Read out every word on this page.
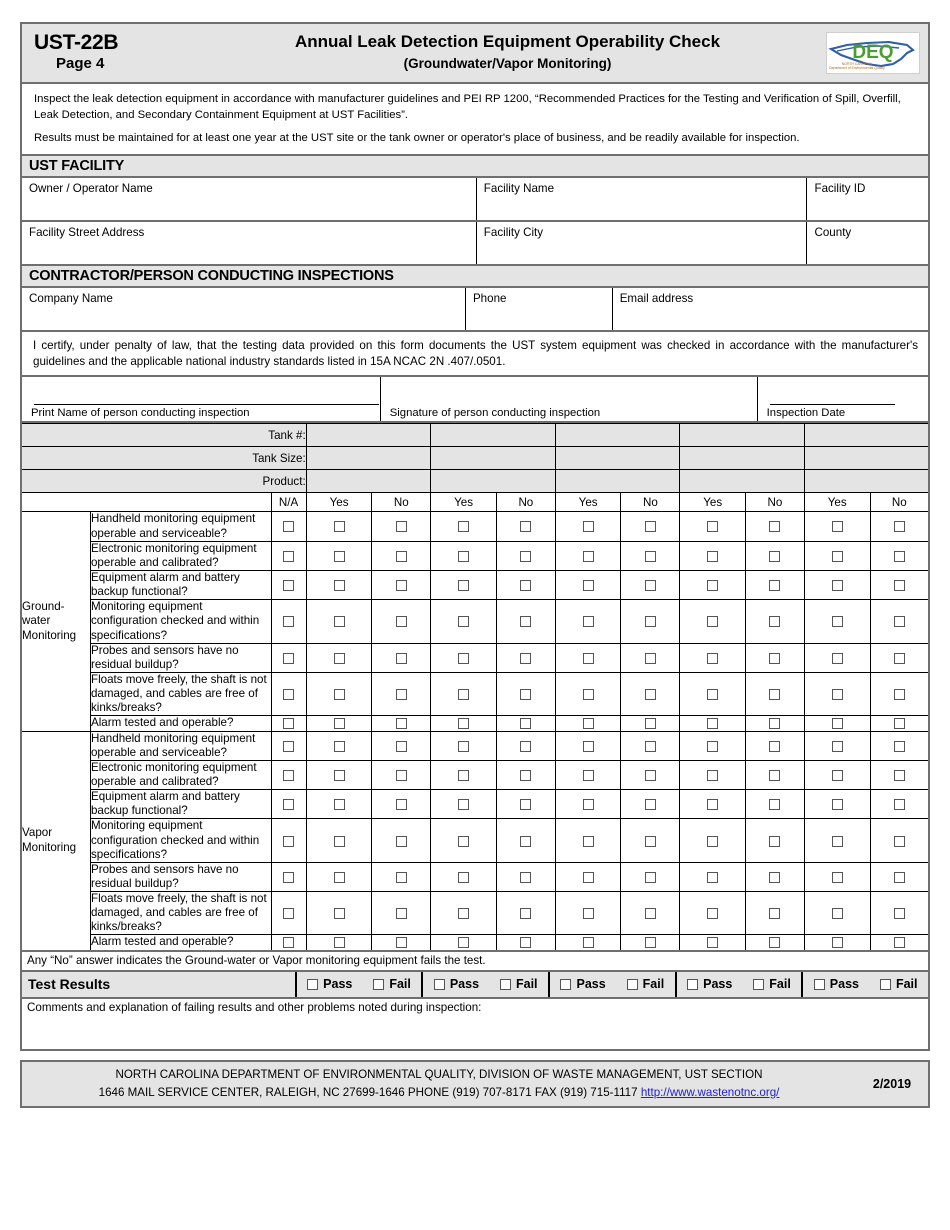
UST-22B
Page 4
Annual Leak Detection Equipment Operability Check
(Groundwater/Vapor Monitoring)
DEQ
NORTH CAROLINA
Department of Environmental Quality

Inspect the leak detection equipment in accordance with manufacturer guidelines and PEI RP 1200, “Recommended Practices for the Testing and Verification of Spill, Overfill, Leak Detection, and Secondary Containment Equipment at UST Facilities”.

Results must be maintained for at least one year at the UST site or the tank owner or operator's place of business, and be readily available for inspection.

UST FACILITY
Owner / Operator Name	Facility Name	Facility ID
Facility Street Address	Facility City	County
CONTRACTOR/PERSON CONDUCTING INSPECTIONS
Company Name	Phone	Email address
I certify, under penalty of law, that the testing data provided on this form documents the UST system equipment was checked in accordance with the manufacturer's guidelines and the applicable national industry standards listed in 15A NCAC 2N .407/.0501.
Print Name of person conducting inspection	Signature of person conducting inspection	Inspection Date
Tank #:												
Tank Size:												
Product:												
		N/A	Yes	No	Yes	No	Yes	No	Yes	No	Yes	No
Ground-water Monitoring	Handheld monitoring equipment operable and serviceable?											
	Electronic monitoring equipment operable and calibrated?											
	Equipment alarm and battery backup functional?											
	Monitoring equipment configuration checked and within specifications?											
	Probes and sensors have no residual buildup?											
	Floats move freely, the shaft is not damaged, and cables are free of kinks/breaks?											
	Alarm tested and operable?											
Vapor Monitoring	Handheld monitoring equipment operable and serviceable?											
	Electronic monitoring equipment operable and calibrated?											
	Equipment alarm and battery backup functional?											
	Monitoring equipment configuration checked and within specifications?											
	Probes and sensors have no residual buildup?											
	Floats move freely, the shaft is not damaged, and cables are free of kinks/breaks?											
	Alarm tested and operable?											
Any “No” answer indicates the Ground-water or Vapor monitoring equipment fails the test.
Test Results	Pass	Fail	Pass	Fail	Pass	Fail	Pass	Fail	Pass	Fail
Comments and explanation of failing results and other problems noted during inspection:
NORTH CAROLINA DEPARTMENT OF ENVIRONMENTAL QUALITY, DIVISION OF WASTE MANAGEMENT, UST SECTION
1646 MAIL SERVICE CENTER, RALEIGH, NC 27699-1646 PHONE (919) 707-8171 FAX (919) 715-1117 http://www.wastenotnc.org/
2/2019
